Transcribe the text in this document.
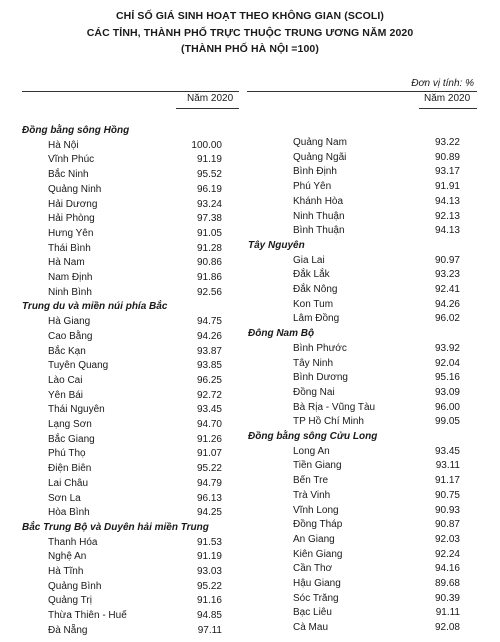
CHỈ SỐ GIÁ SINH HOẠT THEO KHÔNG GIAN (SCOLI)
CÁC TỈNH, THÀNH PHỐ TRỰC THUỘC TRUNG ƯƠNG NĂM 2020
(THÀNH PHỐ HÀ NỘI =100)
Đơn vị tính: %
Năm 2020	Năm 2020
Đồng bằng sông Hồng
Hà Nội	100.00
Vĩnh Phúc	91.19
Bắc Ninh	95.52
Quảng Ninh	96.19
Hải Dương	93.24
Hải Phòng	97.38
Hưng Yên	91.05
Thái Bình	91.28
Hà Nam	90.86
Nam Định	91.86
Ninh Bình	92.56
Trung du và miền núi phía Bắc
Hà Giang	94.75
Cao Bằng	94.26
Bắc Kạn	93.87
Tuyên Quang	93.85
Lào Cai	96.25
Yên Bái	92.72
Thái Nguyên	93.45
Lạng Sơn	94.70
Bắc Giang	91.26
Phú Thọ	91.07
Điện Biên	95.22
Lai Châu	94.79
Sơn La	96.13
Hòa Bình	94.25
Bắc Trung Bộ và Duyên hải miền Trung
Thanh Hóa	91.53
Nghệ An	91.19
Hà Tĩnh	93.03
Quảng Bình	95.22
Quảng Trị	91.16
Thừa Thiên - Huế	94.85
Đà Nẵng	97.11
Quảng Nam	93.22
Quảng Ngãi	90.89
Bình Định	93.17
Phú Yên	91.91
Khánh Hòa	94.13
Ninh Thuận	92.13
Bình Thuận	94.13
Tây Nguyên
Gia Lai	90.97
Đắk Lắk	93.23
Đắk Nông	92.41
Kon Tum	94.26
Lâm Đồng	96.02
Đông Nam Bộ
Bình Phước	93.92
Tây Ninh	92.04
Bình Dương	95.16
Đồng Nai	93.09
Bà Rịa - Vũng Tàu	96.00
TP Hồ Chí Minh	99.05
Đồng bằng sông Cửu Long
Long An	93.45
Tiền Giang	93.11
Bến Tre	91.17
Trà Vinh	90.75
Vĩnh Long	90.93
Đồng Tháp	90.87
An Giang	92.03
Kiên Giang	92.24
Cần Thơ	94.16
Hậu Giang	89.68
Sóc Trăng	90.39
Bạc Liêu	91.11
Cà Mau	92.08
